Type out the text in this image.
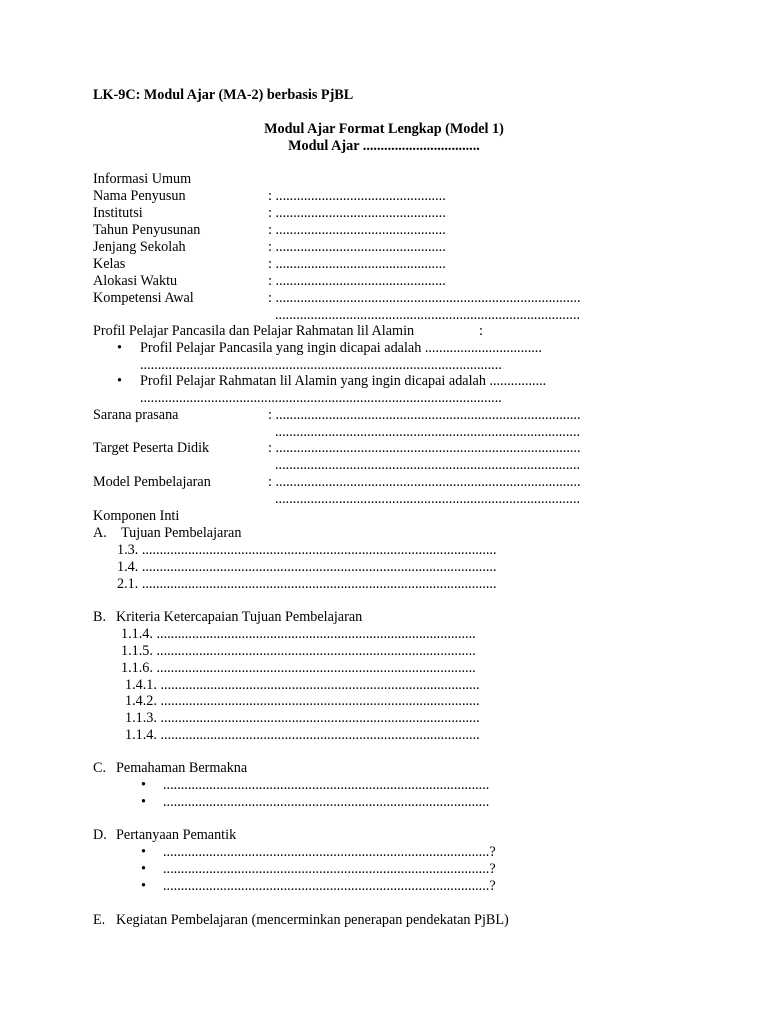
LK-9C: Modul Ajar (MA-2) berbasis PjBL
Modul Ajar Format Lengkap (Model 1)
Modul Ajar .................................
Informasi Umum
Nama Penyusun	: ................................................
Institutsi	: ................................................
Tahun Penyusunan	: ................................................
Jenjang Sekolah	: ................................................
Kelas	: ................................................
Alokasi Waktu	: ................................................
Kompetensi Awal	: ......................................................................................
......................................................................................
Profil Pelajar Pancasila dan Pelajar Rahmatan lil Alamin	:
• Profil Pelajar Pancasila yang ingin dicapai adalah .................................
......................................................................................................
• Profil Pelajar Rahmatan lil Alamin yang ingin dicapai adalah ................
......................................................................................................
Sarana prasana	: ......................................................................................
......................................................................................
Target Peserta Didik	: ......................................................................................
......................................................................................
Model Pembelajaran	: ......................................................................................
......................................................................................
Komponen Inti
A. Tujuan Pembelajaran
1.3. ....................................................................................................
1.4. ....................................................................................................
2.1. ....................................................................................................
B. Kriteria Ketercapaian Tujuan Pembelajaran
1.1.4. ..........................................................................................
1.1.5. ..........................................................................................
1.1.6. ..........................................................................................
1.4.1. ..........................................................................................
1.4.2. ..........................................................................................
1.1.3. ..........................................................................................
1.1.4. ..........................................................................................
C. Pemahaman Bermakna
• ............................................................................................
• ............................................................................................
D. Pertanyaan Pemantik
• ............................................................................................?
• ............................................................................................?
• ............................................................................................?
E. Kegiatan Pembelajaran (mencerminkan penerapan pendekatan PjBL)
